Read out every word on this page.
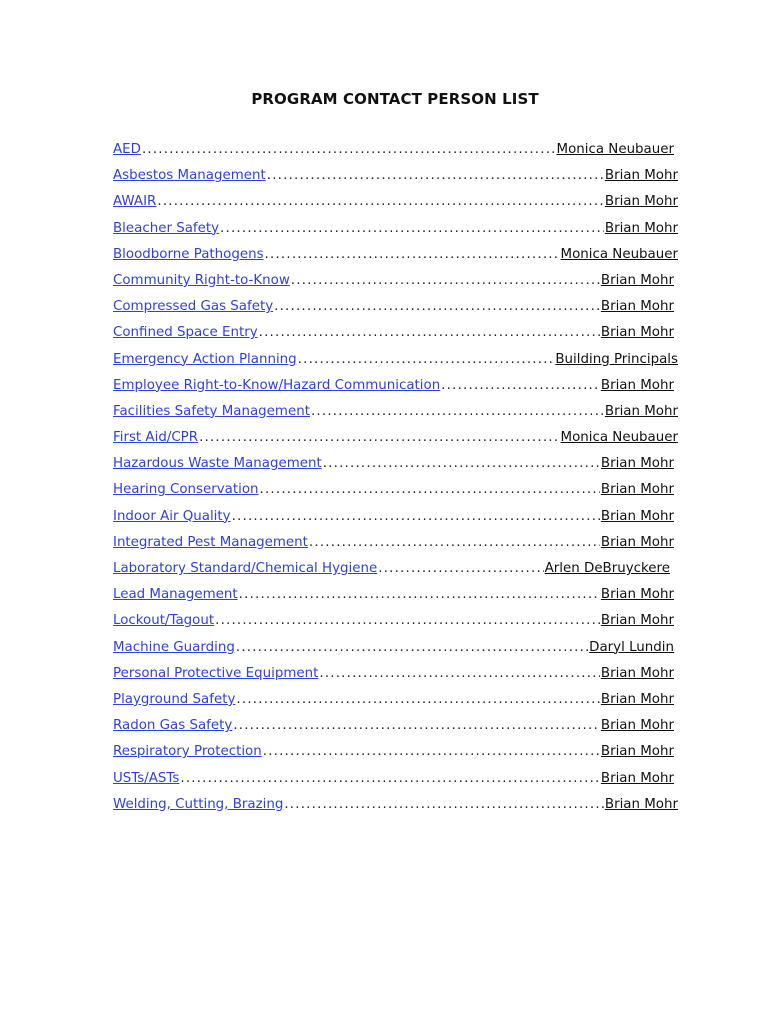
PROGRAM CONTACT PERSON LIST
AED .....	Monica Neubauer
Asbestos Management .....	Brian Mohr
AWAIR .....	Brian Mohr
Bleacher Safety .....	Brian Mohr
Bloodborne Pathogens .....	Monica Neubauer
Community Right-to-Know .....	Brian Mohr
Compressed Gas Safety .....	Brian Mohr
Confined Space Entry .....	Brian Mohr
Emergency Action Planning .....	Building Principals
Employee Right-to-Know/Hazard Communication .....	Brian Mohr
Facilities Safety Management .....	Brian Mohr
First Aid/CPR .....	Monica Neubauer
Hazardous Waste Management .....	Brian Mohr
Hearing Conservation .....	Brian Mohr
Indoor Air Quality .....	Brian Mohr
Integrated Pest Management .....	Brian Mohr
Laboratory Standard/Chemical Hygiene .....	Arlen DeBruyckere
Lead Management .....	Brian Mohr
Lockout/Tagout .....	Brian Mohr
Machine Guarding .....	Daryl Lundin
Personal Protective Equipment .....	Brian Mohr
Playground Safety .....	Brian Mohr
Radon Gas Safety .....	Brian Mohr
Respiratory Protection .....	Brian Mohr
USTs/ASTs .....	Brian Mohr
Welding, Cutting, Brazing .....	Brian Mohr
